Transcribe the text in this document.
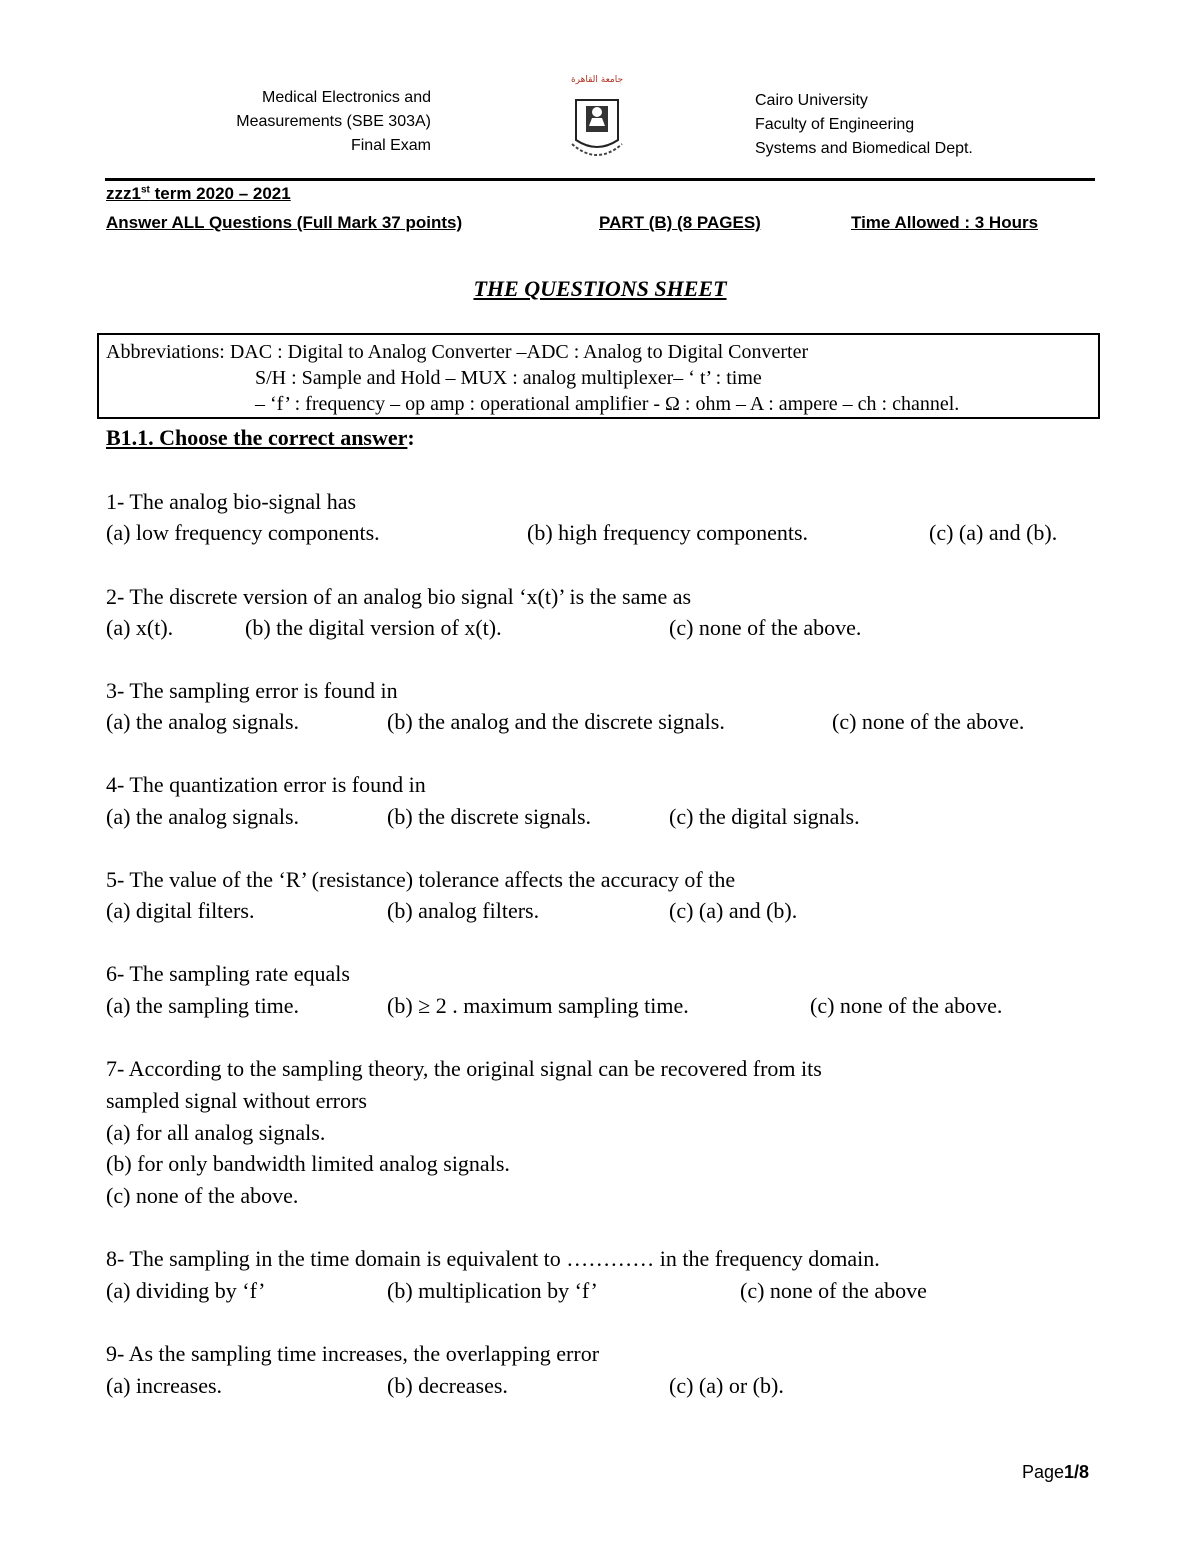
Medical Electronics and
Measurements (SBE 303A)
Final Exam
جامعة القاهرة
Cairo University
Faculty of Engineering
Systems and Biomedical Dept.
zzz1st term 2020 – 2021
Answer ALL Questions (Full Mark 37 points)	PART (B) (8 PAGES)	Time Allowed : 3 Hours
THE QUESTIONS SHEET
Abbreviations: DAC : Digital to Analog Converter –ADC : Analog to Digital Converter
S/H : Sample and Hold – MUX : analog multiplexer– ‘ t’ : time
– ‘f’ : frequency – op amp : operational amplifier - Ω : ohm – A : ampere – ch : channel.
B1.1. Choose the correct answer:
1- The analog bio-signal has
(a) low frequency components.	(b) high frequency components.	(c) (a) and (b).
2- The discrete version of an analog bio signal ‘x(t)’ is the same as
(a) x(t).	(b) the digital version of x(t).	(c) none of the above.
3- The sampling error is found in
(a) the analog signals.	(b) the analog and the discrete signals.	(c) none of the above.
4- The quantization error is found in
(a) the analog signals.	(b) the discrete signals.	(c) the digital signals.
5- The value of the ‘R’ (resistance) tolerance affects the accuracy of the
(a) digital filters.	(b) analog filters.	(c) (a) and (b).
6- The sampling rate equals
(a) the sampling time.	(b) ≥ 2 . maximum sampling time.	(c) none of the above.
7- According to the sampling theory, the original signal can be recovered from its
sampled signal without errors
(a) for all analog signals.
(b) for only bandwidth limited analog signals.
(c) none of the above.
8- The sampling in the time domain is equivalent to ………… in the frequency domain.
(a) dividing by ‘f’	(b) multiplication by ‘f’	(c) none of the above
9- As the sampling time increases, the overlapping error
(a) increases.	(b) decreases.	(c) (a) or (b).
Page1/8
